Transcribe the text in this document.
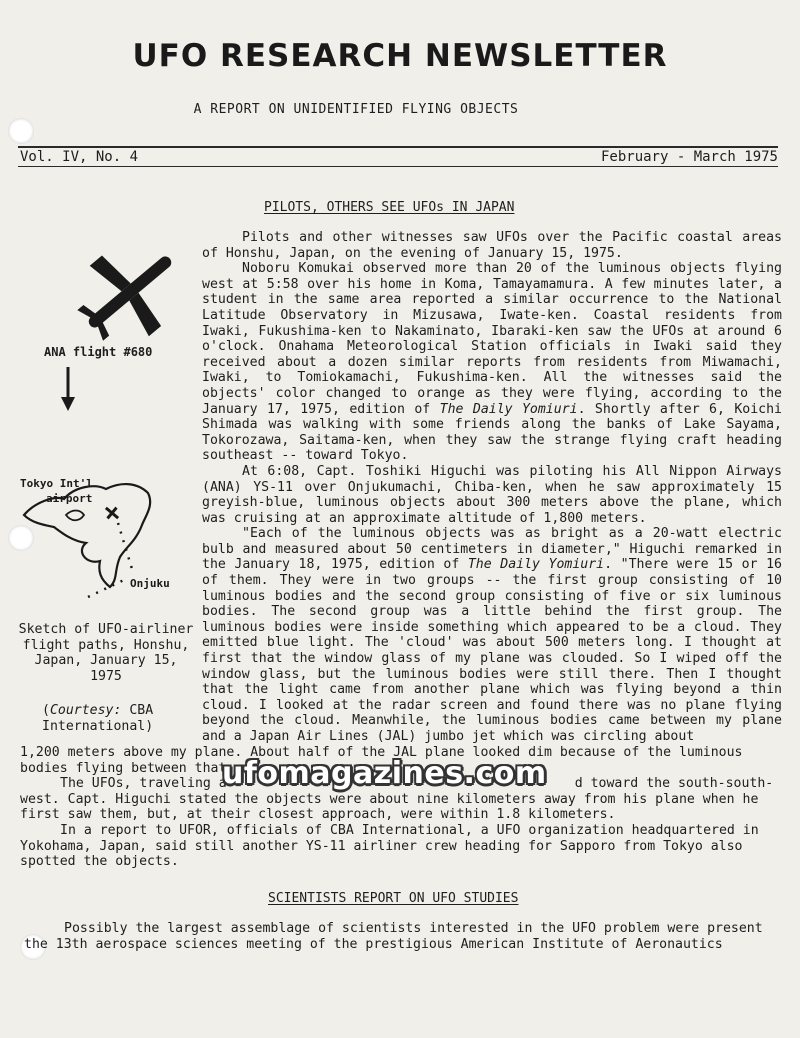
UFO RESEARCH NEWSLETTER
A REPORT ON UNIDENTIFIED FLYING OBJECTS
Vol. IV, No. 4	February - March 1975
PILOTS, OTHERS SEE UFOs IN JAPAN
ANA flight #680
Tokyo Int'l
airport
Onjuku
Sketch of UFO-airliner flight paths, Honshu, Japan, January 15, 1975
(Courtesy: CBA International)

Pilots and other witnesses saw UFOs over the Pacific coastal areas of Honshu, Japan, on the evening of January 15, 1975.

Noboru Komukai observed more than 20 of the luminous objects flying west at 5:58 over his home in Koma, Tamayamamura. A few minutes later, a student in the same area reported a similar occurrence to the National Latitude Observatory in Mizusawa, Iwate-ken. Coastal residents from Iwaki, Fukushima-ken to Nakaminato, Ibaraki-ken saw the UFOs at around 6 o'clock. Onahama Meteorological Station officials in Iwaki said they received about a dozen similar reports from residents from Miwamachi, Iwaki, to Tomiokamachi, Fukushima-ken. All the witnesses said the objects' color changed to orange as they were flying, according to the January 17, 1975, edition of The Daily Yomiuri. Shortly after 6, Koichi Shimada was walking with some friends along the banks of Lake Sayama, Tokorozawa, Saitama-ken, when they saw the strange flying craft heading southeast -- toward Tokyo.

At 6:08, Capt. Toshiki Higuchi was piloting his All Nippon Airways (ANA) YS-11 over Onjukumachi, Chiba-ken, when he saw approximately 15 greyish-blue, luminous objects about 300 meters above the plane, which was cruising at an approximate altitude of 1,800 meters.

"Each of the luminous objects was as bright as a 20-watt electric bulb and measured about 50 centimeters in diameter," Higuchi remarked in the January 18, 1975, edition of The Daily Yomiuri. "There were 15 or 16 of them. They were in two groups -- the first group consisting of 10 luminous bodies and the second group consisting of five or six luminous bodies. The second group was a little behind the first group. The luminous bodies were inside something which appeared to be a cloud. They emitted blue light. The 'cloud' was about 500 meters long. I thought at first that the window glass of my plane was clouded. So I wiped off the window glass, but the luminous bodies were still there. Then I thought that the light came from another plane which was flying beyond a thin cloud. I looked at the radar screen and found there was no plane flying beyond the cloud. Meanwhile, the luminous bodies came between my plane and a Japan Air Lines (JAL) jumbo jet which was circling about

1,200 meters above my plane. About half of the JAL plane looked dim because of the luminous bodies flying between that

The UFOs, traveling a	d toward the south-south-

west. Capt. Higuchi stated the objects were about nine kilometers away from his plane when he first saw them, but, at their closest approach, were within 1.8 kilometers.

In a report to UFOR, officials of CBA International, a UFO organization headquartered in Yokohama, Japan, said still another YS-11 airliner crew heading for Sapporo from Tokyo also spotted the objects.

ufomagazines.com
SCIENTISTS REPORT ON UFO STUDIES

Possibly the largest assemblage of scientists interested in the UFO problem were present the 13th aerospace sciences meeting of the prestigious American Institute of Aeronautics
